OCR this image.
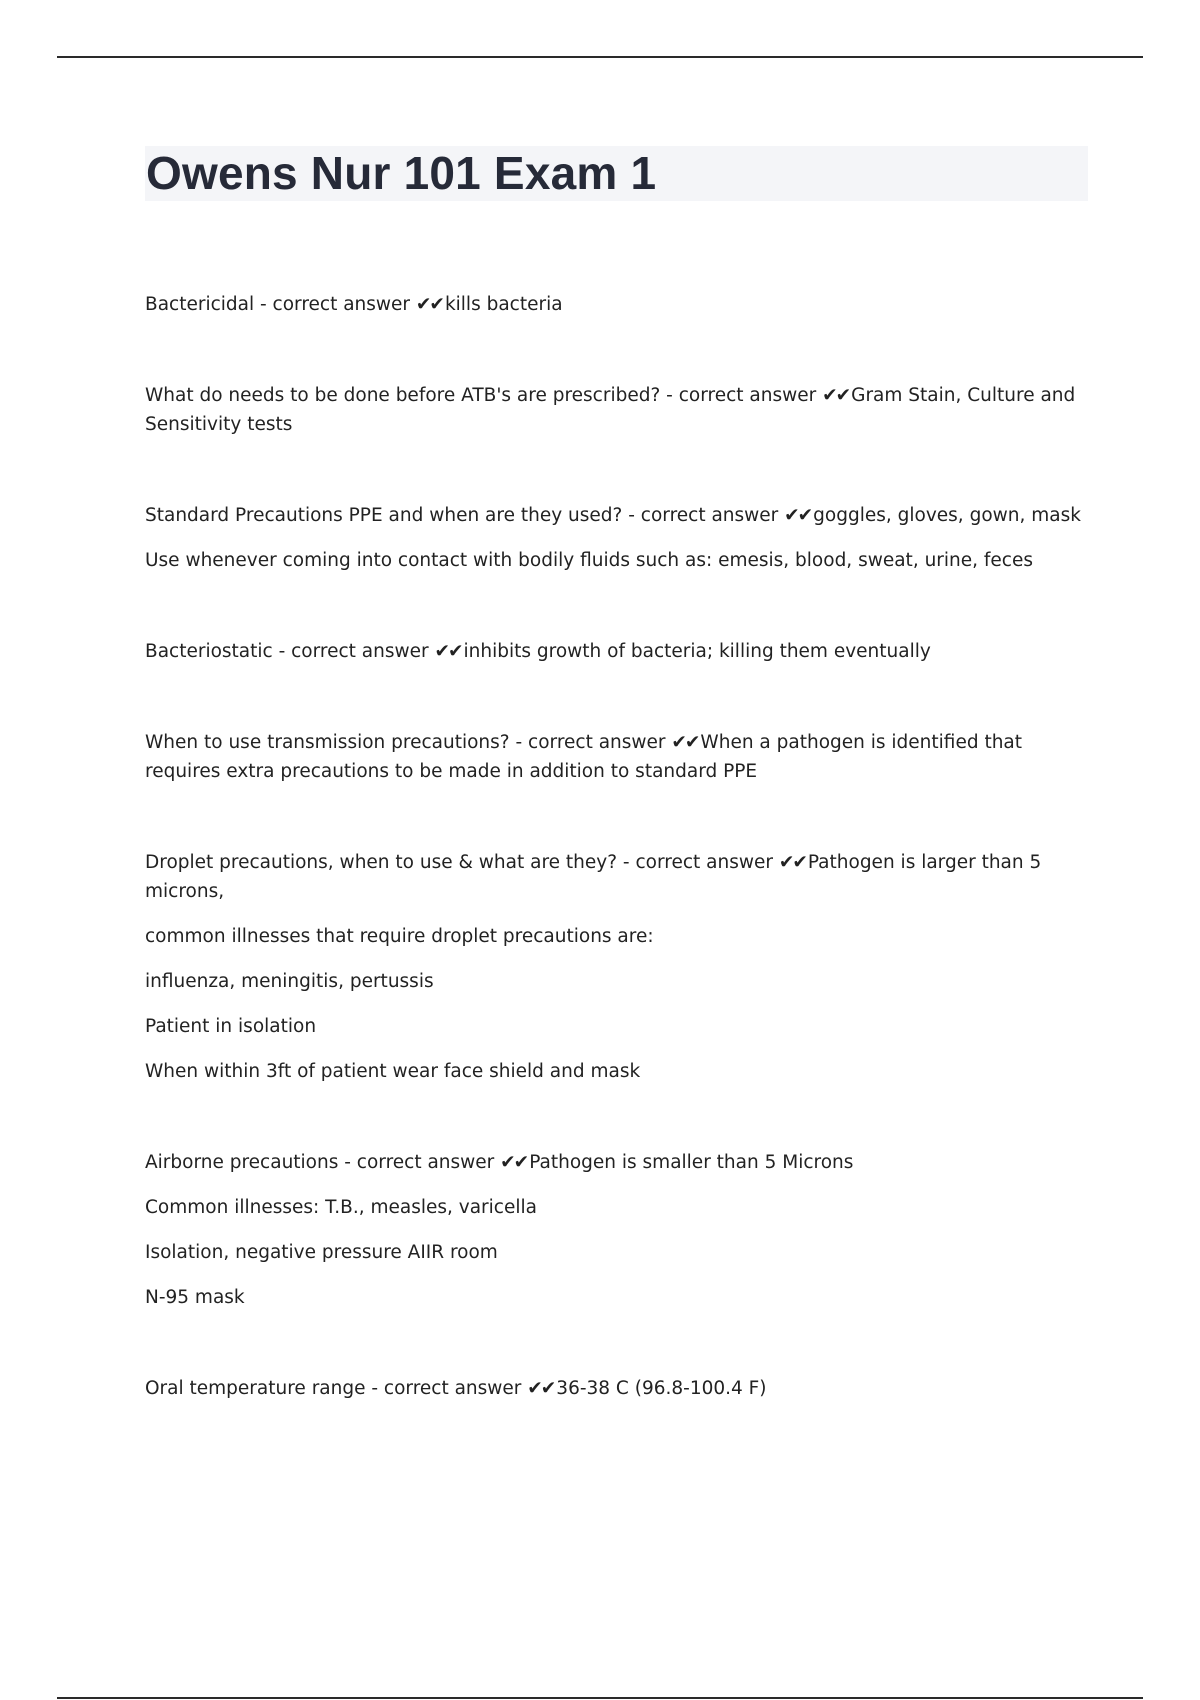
Owens Nur 101 Exam 1

Bactericidal - correct answer ✔✔ kills bacteria

What do needs to be done before ATB's are prescribed? - correct answer ✔✔ Gram Stain, Culture and Sensitivity tests

Standard Precautions PPE and when are they used? - correct answer ✔✔ goggles, gloves, gown, mask

Use whenever coming into contact with bodily fluids such as: emesis, blood, sweat, urine, feces

Bacteriostatic - correct answer ✔✔ inhibits growth of bacteria; killing them eventually

When to use transmission precautions? - correct answer ✔✔ When a pathogen is identified that requires extra precautions to be made in addition to standard PPE

Droplet precautions, when to use & what are they? - correct answer ✔✔ Pathogen is larger than 5 microns,

common illnesses that require droplet precautions are:

influenza, meningitis, pertussis

Patient in isolation

When within 3ft of patient wear face shield and mask

Airborne precautions - correct answer ✔✔ Pathogen is smaller than 5 Microns

Common illnesses: T.B., measles, varicella

Isolation, negative pressure AIIR room

N-95 mask

Oral temperature range - correct answer ✔✔ 36-38 C (96.8-100.4 F)
